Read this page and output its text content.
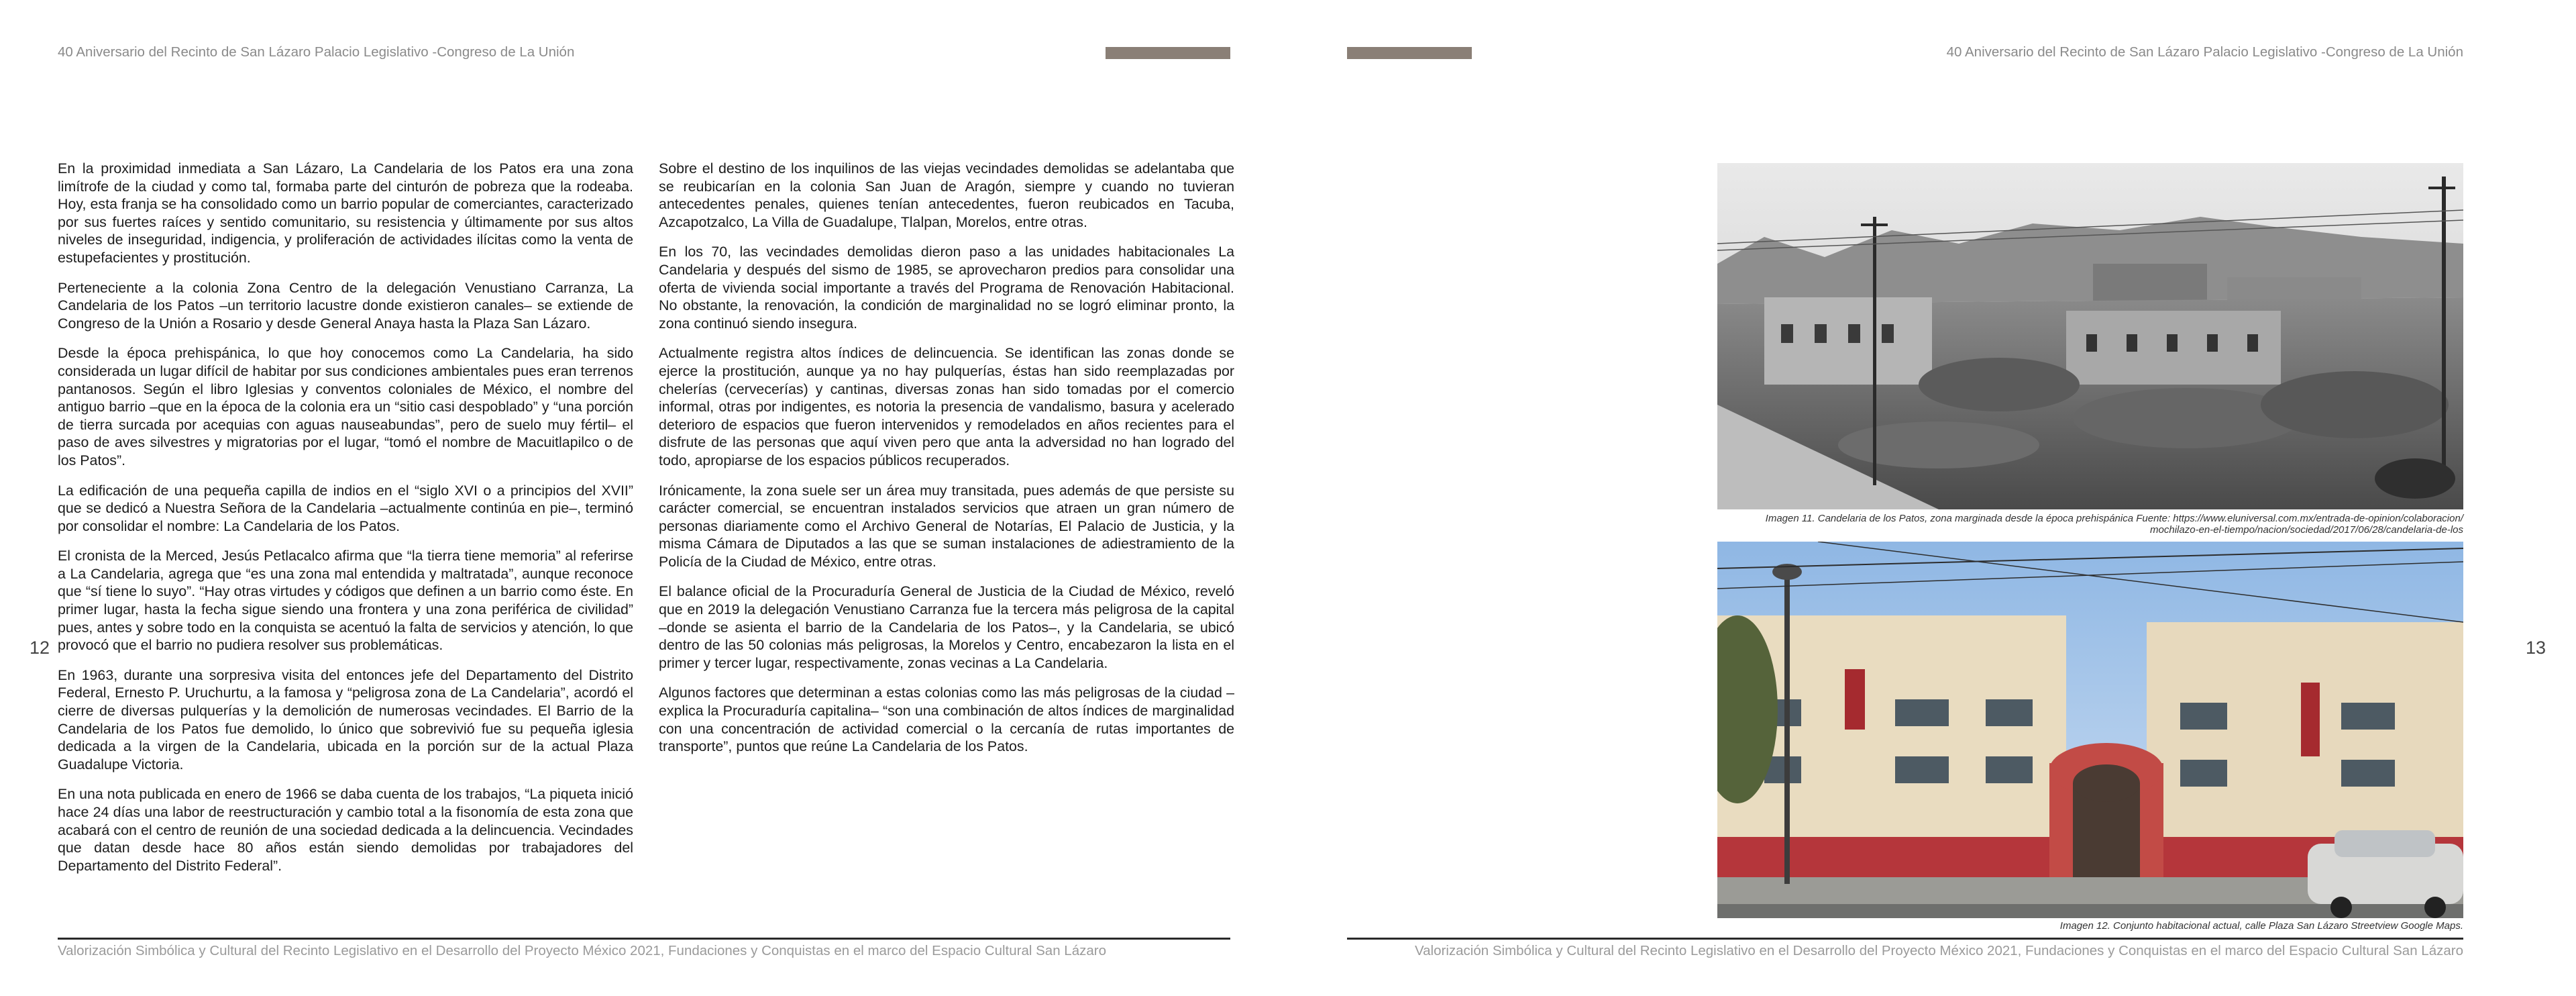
40 Aniversario del Recinto de San Lázaro Palacio Legislativo -Congreso de La Unión
12

En la proximidad inmediata a San Lázaro, La Candelaria de los Patos era una zona limítrofe de la ciudad y como tal, formaba parte del cinturón de pobreza que la rodeaba. Hoy, esta franja se ha consolidado como un barrio popular de comerciantes, caracterizado por sus fuertes raíces y sentido comunitario, su resistencia y últimamente por sus altos niveles de inseguridad, indigencia, y proliferación de actividades ilícitas como la venta de estupefacientes y prostitución.

Perteneciente a la colonia Zona Centro de la delegación Venustiano Carranza, La Candelaria de los Patos –un territorio lacustre donde existieron canales– se extiende de Congreso de la Unión a Rosario y desde General Anaya hasta la Plaza San Lázaro.

Desde la época prehispánica, lo que hoy conocemos como La Candelaria, ha sido considerada un lugar difícil de habitar por sus condiciones ambientales pues eran terrenos pantanosos. Según el libro Iglesias y conventos coloniales de México, el nombre del antiguo barrio –que en la época de la colonia era un “sitio casi despoblado” y “una porción de tierra surcada por acequias con aguas nauseabundas”, pero de suelo muy fértil– el paso de aves silvestres y migratorias por el lugar, “tomó el nombre de Macuitlapilco o de los Patos”.

La edificación de una pequeña capilla de indios en el “siglo XVI o a principios del XVII” que se dedicó a Nuestra Señora de la Candelaria –actualmente continúa en pie–, terminó por consolidar el nombre: La Candelaria de los Patos.

El cronista de la Merced, Jesús Petlacalco afirma que “la tierra tiene memoria” al referirse a La Candelaria, agrega que “es una zona mal entendida y maltratada”, aunque reconoce que “sí tiene lo suyo”. “Hay otras virtudes y códigos que definen a un barrio como éste. En primer lugar, hasta la fecha sigue siendo una frontera y una zona periférica de civilidad” pues, antes y sobre todo en la conquista se acentuó la falta de servicios y atención, lo que provocó que el barrio no pudiera resolver sus problemáticas.

En 1963, durante una sorpresiva visita del entonces jefe del Departamento del Distrito Federal, Ernesto P. Uruchurtu, a la famosa y “peligrosa zona de La Candelaria”, acordó el cierre de diversas pulquerías y la demolición de numerosas vecindades. El Barrio de la Candelaria de los Patos fue demolido, lo único que sobrevivió fue su pequeña iglesia dedicada a la virgen de la Candelaria, ubicada en la porción sur de la actual Plaza Guadalupe Victoria.

En una nota publicada en enero de 1966 se daba cuenta de los trabajos, “La piqueta inició hace 24 días una labor de reestructuración y cambio total a la fisonomía de esta zona que acabará con el centro de reunión de una sociedad dedicada a la delincuencia. Vecindades que datan desde hace 80 años están siendo demolidas por trabajadores del Departamento del Distrito Federal”.

Sobre el destino de los inquilinos de las viejas vecindades demolidas se adelantaba que se reubicarían en la colonia San Juan de Aragón, siempre y cuando no tuvieran antecedentes penales, quienes tenían antecedentes, fueron reubicados en Tacuba, Azcapotzalco, La Villa de Guadalupe, Tlalpan, Morelos, entre otras.

En los 70, las vecindades demolidas dieron paso a las unidades habitacionales La Candelaria y después del sismo de 1985, se aprovecharon predios para consolidar una oferta de vivienda social importante a través del Programa de Renovación Habitacional. No obstante, la renovación, la condición de marginalidad no se logró eliminar pronto, la zona continuó siendo insegura.

Actualmente registra altos índices de delincuencia. Se identifican las zonas donde se ejerce la prostitución, aunque ya no hay pulquerías, éstas han sido reemplazadas por chelerías (cervecerías) y cantinas, diversas zonas han sido tomadas por el comercio informal, otras por indigentes, es notoria la presencia de vandalismo, basura y acelerado deterioro de espacios que fueron intervenidos y remodelados en años recientes para el disfrute de las personas que aquí viven pero que anta la adversidad no han logrado del todo, apropiarse de los espacios públicos recuperados.

Irónicamente, la zona suele ser un área muy transitada, pues además de que persiste su carácter comercial, se encuentran instalados servicios que atraen un gran número de personas diariamente como el Archivo General de Notarías, El Palacio de Justicia, y la misma Cámara de Diputados a las que se suman instalaciones de adiestramiento de la Policía de la Ciudad de México, entre otras.

El balance oficial de la Procuraduría General de Justicia de la Ciudad de México, reveló que en 2019 la delegación Venustiano Carranza fue la tercera más peligrosa de la capital –donde se asienta el barrio de la Candelaria de los Patos–, y la Candelaria, se ubicó dentro de las 50 colonias más peligrosas, la Morelos y Centro, encabezaron la lista en el primer y tercer lugar, respectivamente, zonas vecinas a La Candelaria.

Algunos factores que determinan a estas colonias como las más peligrosas de la ciudad –explica la Procuraduría capitalina– “son una combinación de altos índices de marginalidad con una concentración de actividad comercial o la cercanía de rutas importantes de transporte”, puntos que reúne La Candelaria de los Patos.

Valorización Simbólica y Cultural del Recinto Legislativo en el Desarrollo del Proyecto México 2021, Fundaciones y Conquistas en el marco del Espacio Cultural San Lázaro
40 Aniversario del Recinto de San Lázaro Palacio Legislativo -Congreso de La Unión
13
Imagen 11. Candelaria de los Patos, zona marginada desde la época prehispánica Fuente: https://www.eluniversal.com.mx/entrada-de-opinion/colaboracion/
mochilazo-en-el-tiempo/nacion/sociedad/2017/06/28/candelaria-de-los
Imagen 12. Conjunto habitacional actual, calle Plaza San Lázaro Streetview Google Maps.
Valorización Simbólica y Cultural del Recinto Legislativo en el Desarrollo del Proyecto México 2021, Fundaciones y Conquistas en el marco del Espacio Cultural San Lázaro
